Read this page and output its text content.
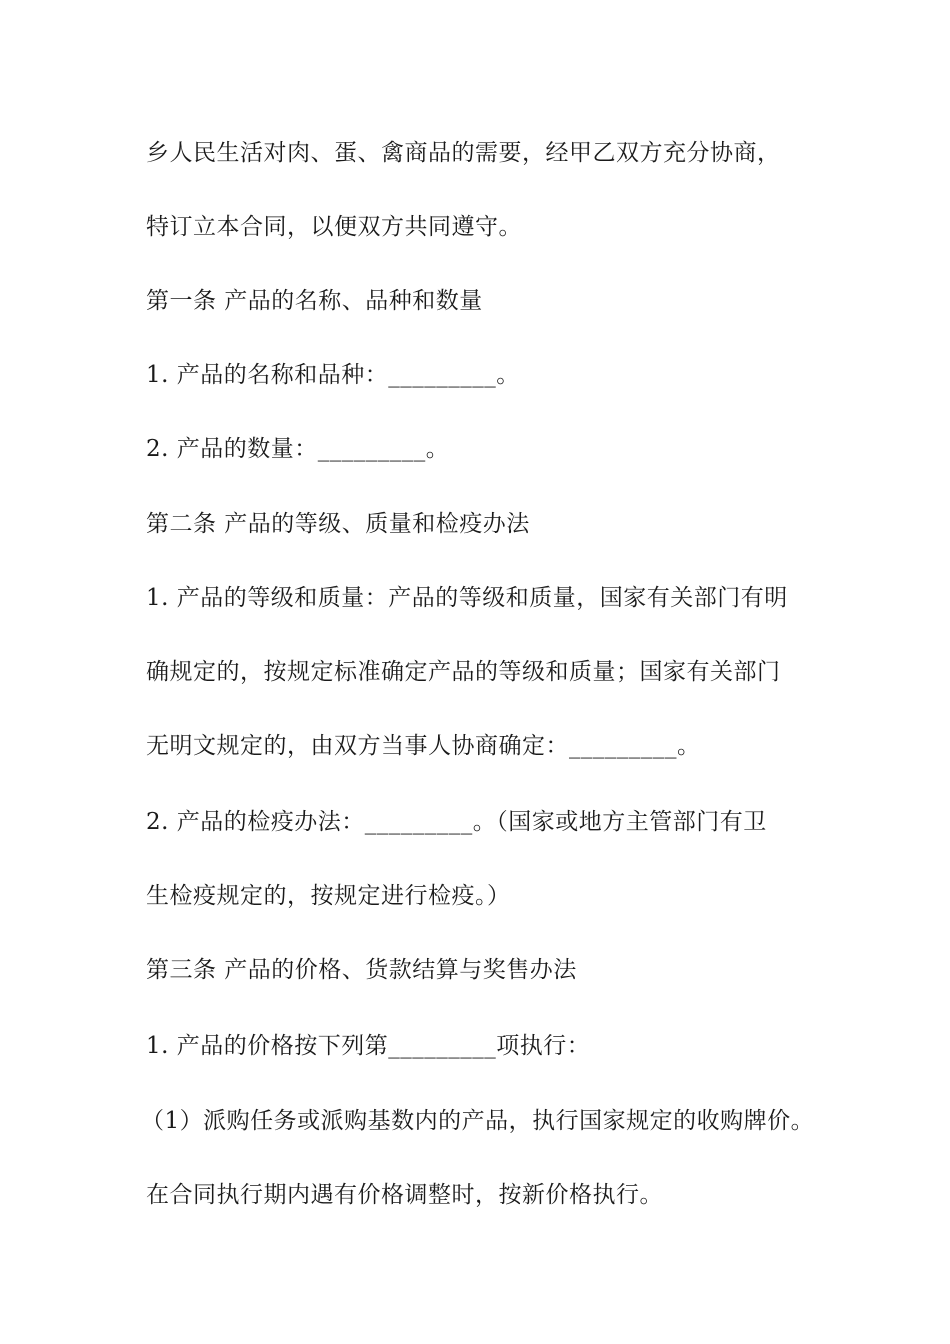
乡人民生活对肉、蛋、禽商品的需要，经甲乙双方充分协商，
特订立本合同，以便双方共同遵守。
第一条 产品的名称、品种和数量
1. 产品的名称和品种：_________。
2. 产品的数量：_________。
第二条 产品的等级、质量和检疫办法
1. 产品的等级和质量：产品的等级和质量，国家有关部门有明
确规定的，按规定标准确定产品的等级和质量；国家有关部门
无明文规定的，由双方当事人协商确定：_________。
2. 产品的检疫办法：_________。（国家或地方主管部门有卫
生检疫规定的，按规定进行检疫。）
第三条 产品的价格、货款结算与奖售办法
1. 产品的价格按下列第_________项执行：
（1）派购任务或派购基数内的产品，执行国家规定的收购牌价。
在合同执行期内遇有价格调整时，按新价格执行。
